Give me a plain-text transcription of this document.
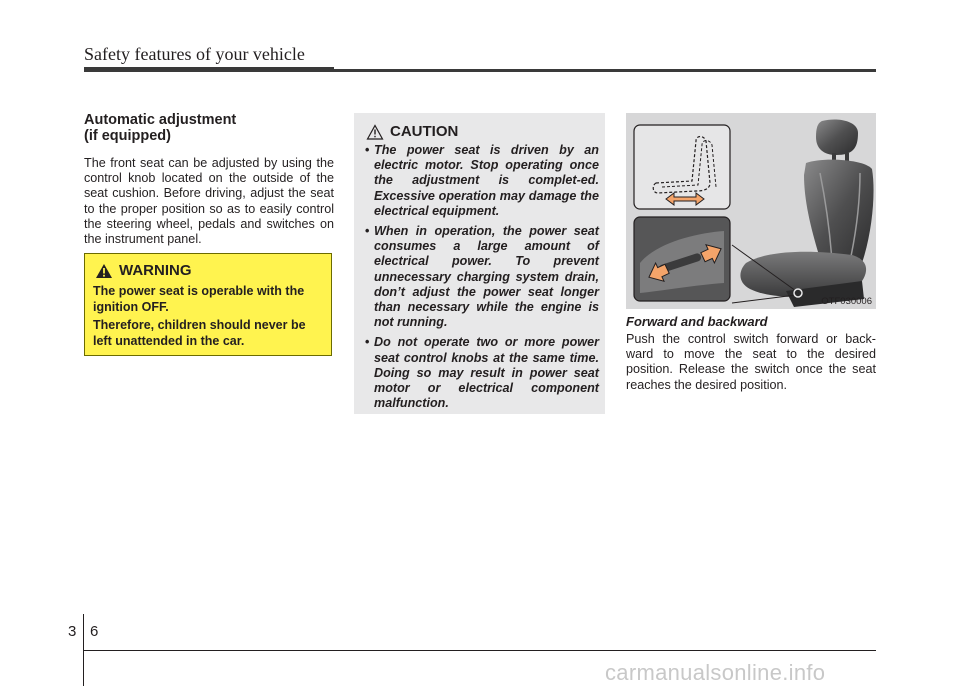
Safety features of your vehicle
Automatic adjustment
(if equipped)

The front seat can be adjusted by using the control knob located on the outside of the seat cushion. Before driving, adjust the seat to the proper position so as to easily control the steering wheel, pedals and switches on the instrument panel.

WARNING

The power seat is operable with the ignition OFF.

Therefore, children should never be left unattended in the car.

CAUTION
• The power seat is driven by an electric motor. Stop operating once the adjustment is complet-ed. Excessive operation may damage the electrical equipment.
• When in operation, the power seat consumes a large amount of electrical power. To prevent unnecessary charging system drain, don’t adjust the power seat longer than necessary while the engine is not running.
• Do not operate two or more power seat control knobs at the same time. Doing so may result in power seat motor or electrical component malfunction.
OTF030006

Forward and backward

Push the control switch forward or back-ward to move the seat to the desired position. Release the switch once the seat reaches the desired position.

3 6
carmanualsonline.info
